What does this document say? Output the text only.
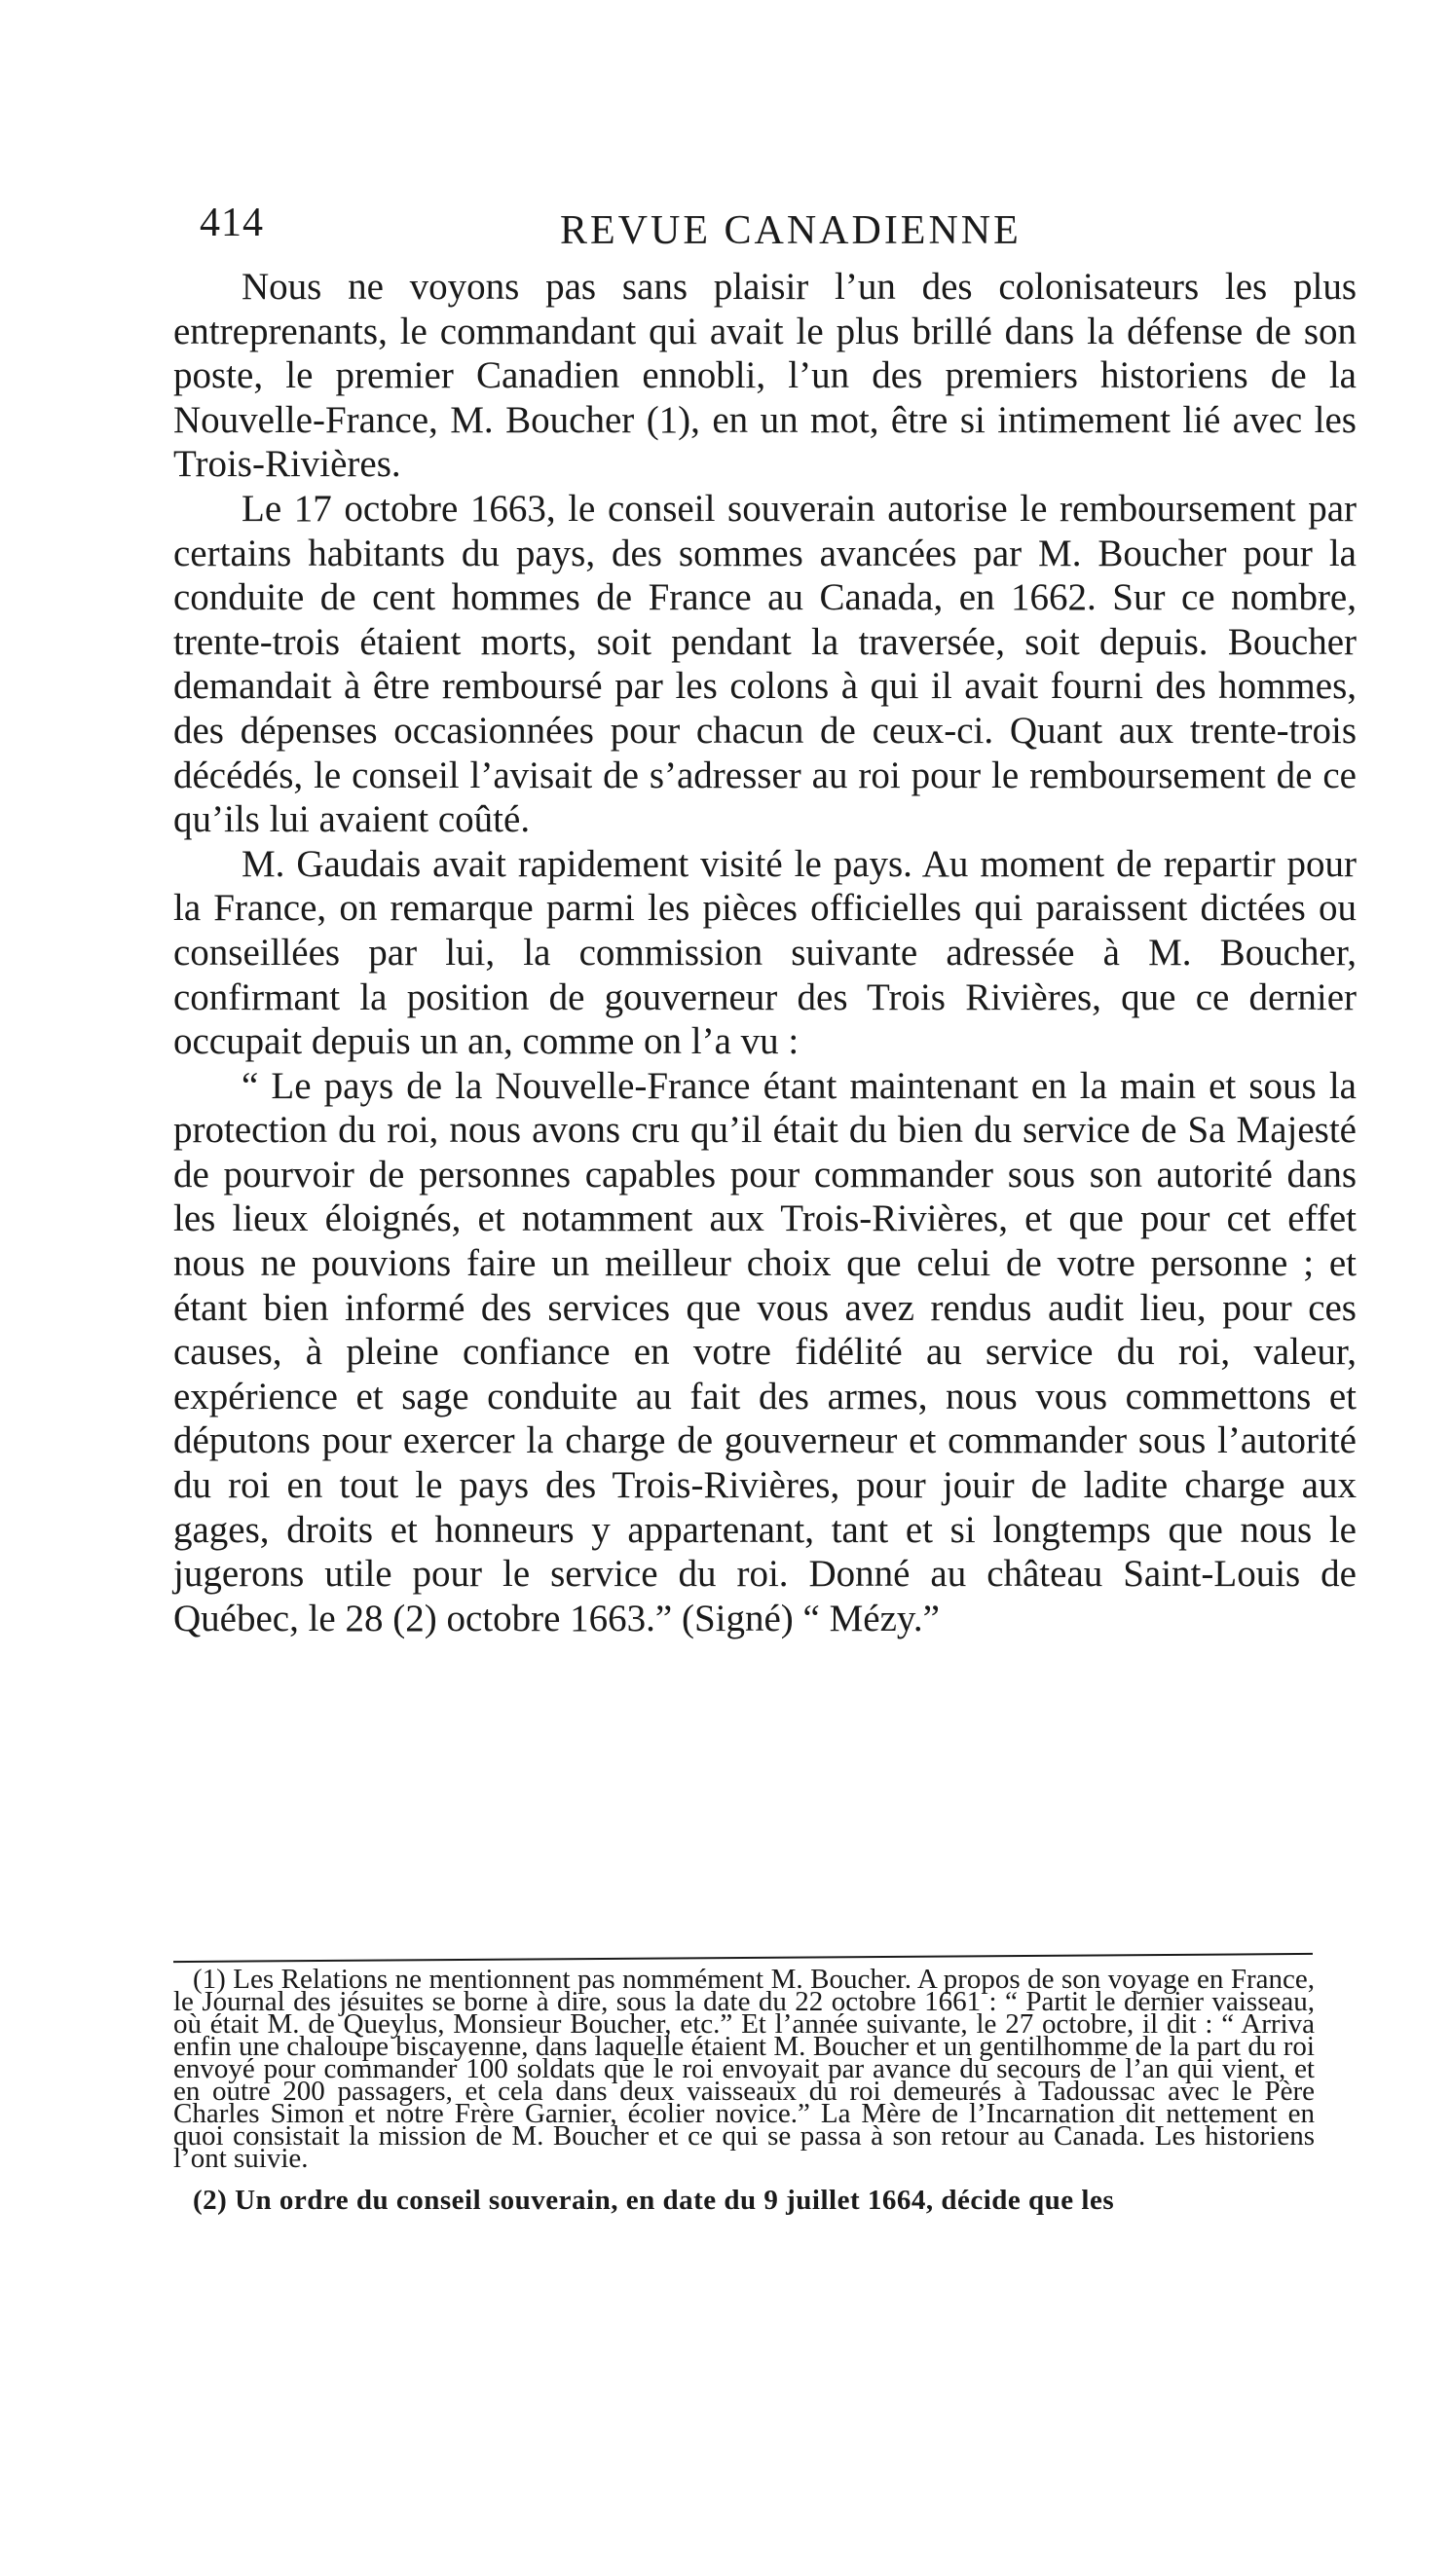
414	REVUE CANADIENNE

Nous ne voyons pas sans plaisir l’un des colonisateurs les plus entreprenants, le commandant qui avait le plus brillé dans la défense de son poste, le premier Canadien ennobli, l’un des premiers historiens de la Nouvelle-France, M. Boucher (1), en un mot, être si intimement lié avec les Trois-Rivières.

Le 17 octobre 1663, le conseil souverain autorise le remboursement par certains habitants du pays, des sommes avancées par M. Boucher pour la conduite de cent hommes de France au Canada, en 1662. Sur ce nombre, trente-trois étaient morts, soit pendant la traversée, soit depuis. Boucher demandait à être remboursé par les colons à qui il avait fourni des hommes, des dépenses occasionnées pour chacun de ceux-ci. Quant aux trente-trois décédés, le conseil l’avisait de s’adresser au roi pour le remboursement de ce qu’ils lui avaient coûté.

M. Gaudais avait rapidement visité le pays. Au moment de repartir pour la France, on remarque parmi les pièces officielles qui paraissent dictées ou conseillées par lui, la commission suivante adressée à M. Boucher, confirmant la position de gouverneur des Trois Rivières, que ce dernier occupait depuis un an, comme on l’a vu :

“ Le pays de la Nouvelle-France étant maintenant en la main et sous la protection du roi, nous avons cru qu’il était du bien du service de Sa Majesté de pourvoir de personnes capables pour commander sous son autorité dans les lieux éloignés, et notamment aux Trois-Rivières, et que pour cet effet nous ne pouvions faire un meilleur choix que celui de votre personne ; et étant bien informé des services que vous avez rendus audit lieu, pour ces causes, à pleine confiance en votre fidélité au service du roi, valeur, expérience et sage conduite au fait des armes, nous vous commettons et députons pour exercer la charge de gouverneur et commander sous l’autorité du roi en tout le pays des Trois-Rivières, pour jouir de ladite charge aux gages, droits et honneurs y appartenant, tant et si longtemps que nous le jugerons utile pour le service du roi. Donné au château Saint-Louis de Québec, le 28 (2) octobre 1663.” (Signé) “ Mézy.”

(1) Les Relations ne mentionnent pas nommément M. Boucher. A propos de son voyage en France, le Journal des jésuites se borne à dire, sous la date du 22 octobre 1661 : “ Partit le dernier vaisseau, où était M. de Queylus, Monsieur Boucher, etc.” Et l’année suivante, le 27 octobre, il dit : “ Arriva enfin une chaloupe biscayenne, dans laquelle étaient M. Boucher et un gentilhomme de la part du roi envoyé pour commander 100 soldats que le roi envoyait par avance du secours de l’an qui vient, et en outre 200 passagers, et cela dans deux vaisseaux du roi demeurés à Tadoussac avec le Père Charles Simon et notre Frère Garnier, écolier novice.” La Mère de l’Incarnation dit nettement en quoi consistait la mission de M. Boucher et ce qui se passa à son retour au Canada. Les historiens l’ont suivie.

(2) Un ordre du conseil souverain, en date du 9 juillet 1664, décide que les
